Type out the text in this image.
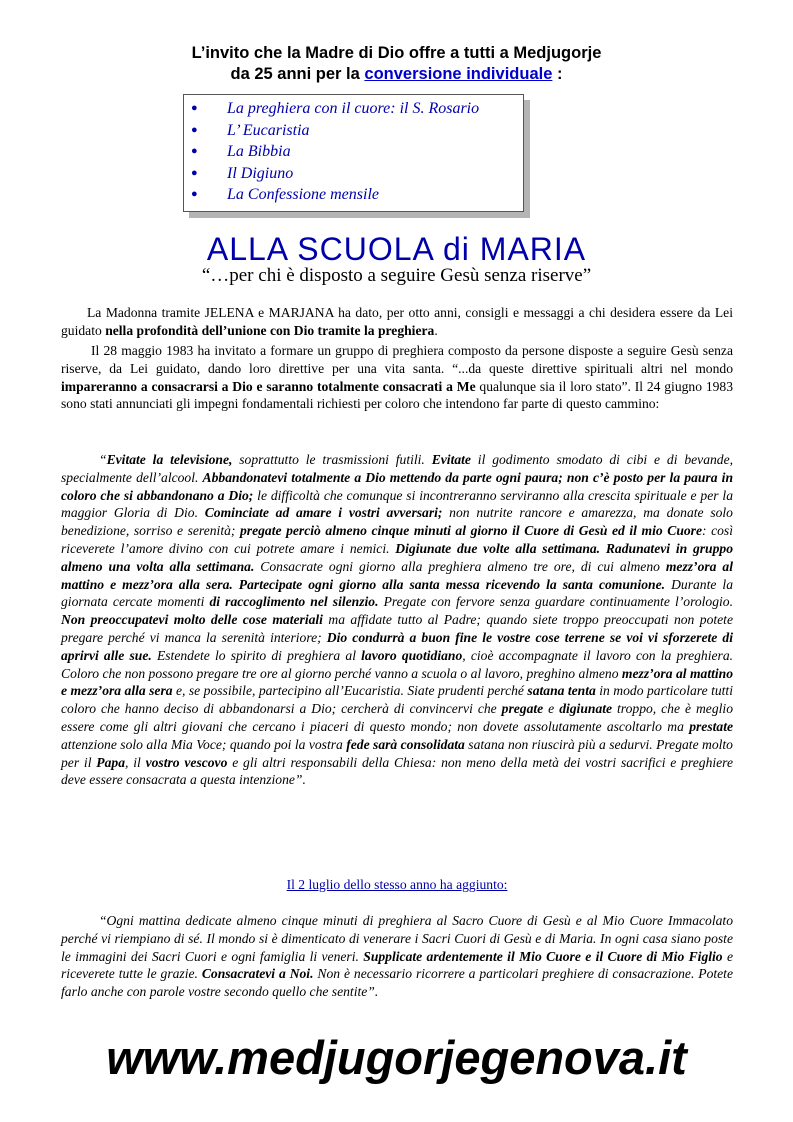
L’invito che la Madre di Dio offre a tutti a Medjugorje
da 25 anni per la conversione individuale :
● La preghiera con il cuore: il S. Rosario
● L’ Eucaristia
● La Bibbia
● Il Digiuno
● La Confessione mensile
ALLA SCUOLA di MARIA
“…per chi è disposto a seguire Gesù senza riserve”

La Madonna tramite JELENA e MARJANA ha dato, per otto anni, consigli e messaggi a chi desidera essere da Lei guidato nella profondità dell’unione con Dio tramite la preghiera.

Il 28 maggio 1983 ha invitato a formare un gruppo di preghiera composto da persone disposte a seguire Gesù senza riserve, da Lei guidato, dando loro direttive per una vita santa. “...da queste direttive spirituali altri nel mondo impareranno a consacrarsi a Dio e saranno totalmente consacrati a Me qualunque sia il loro stato”. Il 24 giugno 1983 sono stati annunciati gli impegni fondamentali richiesti per coloro che intendono far parte di questo cammino:

“Evitate la televisione, soprattutto le trasmissioni futili. Evitate il godimento smodato di cibi e di bevande, specialmente dell’alcool. Abbandonatevi totalmente a Dio mettendo da parte ogni paura; non c’è posto per la paura in coloro che si abbandonano a Dio; le difficoltà che comunque si incontreranno serviranno alla crescita spirituale e per la maggior Gloria di Dio. Cominciate ad amare i vostri avversari; non nutrite rancore e amarezza, ma donate solo benedizione, sorriso e serenità; pregate perciò almeno cinque minuti al giorno il Cuore di Gesù ed il mio Cuore: così riceverete l’amore divino con cui potrete amare i nemici. Digiunate due volte alla settimana. Radunatevi in gruppo almeno una volta alla settimana. Consacrate ogni giorno alla preghiera almeno tre ore, di cui almeno mezz’ora al mattino e mezz’ora alla sera. Partecipate ogni giorno alla santa messa ricevendo la santa comunione. Durante la giornata cercate momenti di raccoglimento nel silenzio. Pregate con fervore senza guardare continuamente l’orologio. Non preoccupatevi molto delle cose materiali ma affidate tutto al Padre; quando siete troppo preoccupati non potete pregare perché vi manca la serenità interiore; Dio condurrà a buon fine le vostre cose terrene se voi vi sforzerete di aprirvi alle sue. Estendete lo spirito di preghiera al lavoro quotidiano, cioè accompagnate il lavoro con la preghiera. Coloro che non possono pregare tre ore al giorno perché vanno a scuola o al lavoro, preghino almeno mezz’ora al mattino e mezz’ora alla sera e, se possibile, partecipino all’Eucaristia. Siate prudenti perché satana tenta in modo particolare tutti coloro che hanno deciso di abbandonarsi a Dio; cercherà di convincervi che pregate e digiunate troppo, che è meglio essere come gli altri giovani che cercano i piaceri di questo mondo; non dovete assolutamente ascoltarlo ma prestate attenzione solo alla Mia Voce; quando poi la vostra fede sarà consolidata satana non riuscirà più a sedurvi. Pregate molto per il Papa, il vostro vescovo e gli altri responsabili della Chiesa: non meno della metà dei vostri sacrifici e preghiere deve essere consacrata a questa intenzione”.

Il 2 luglio dello stesso anno ha aggiunto:

“Ogni mattina dedicate almeno cinque minuti di preghiera al Sacro Cuore di Gesù e al Mio Cuore Immacolato perché vi riempiano di sé. Il mondo si è dimenticato di venerare i Sacri Cuori di Gesù e di Maria. In ogni casa siano poste le immagini dei Sacri Cuori e ogni famiglia li veneri. Supplicate ardentemente il Mio Cuore e il Cuore di Mio Figlio e riceverete tutte le grazie. Consacratevi a Noi. Non è necessario ricorrere a particolari preghiere di consacrazione. Potete farlo anche con parole vostre secondo quello che sentite”.

www.medjugorjegenova.it
